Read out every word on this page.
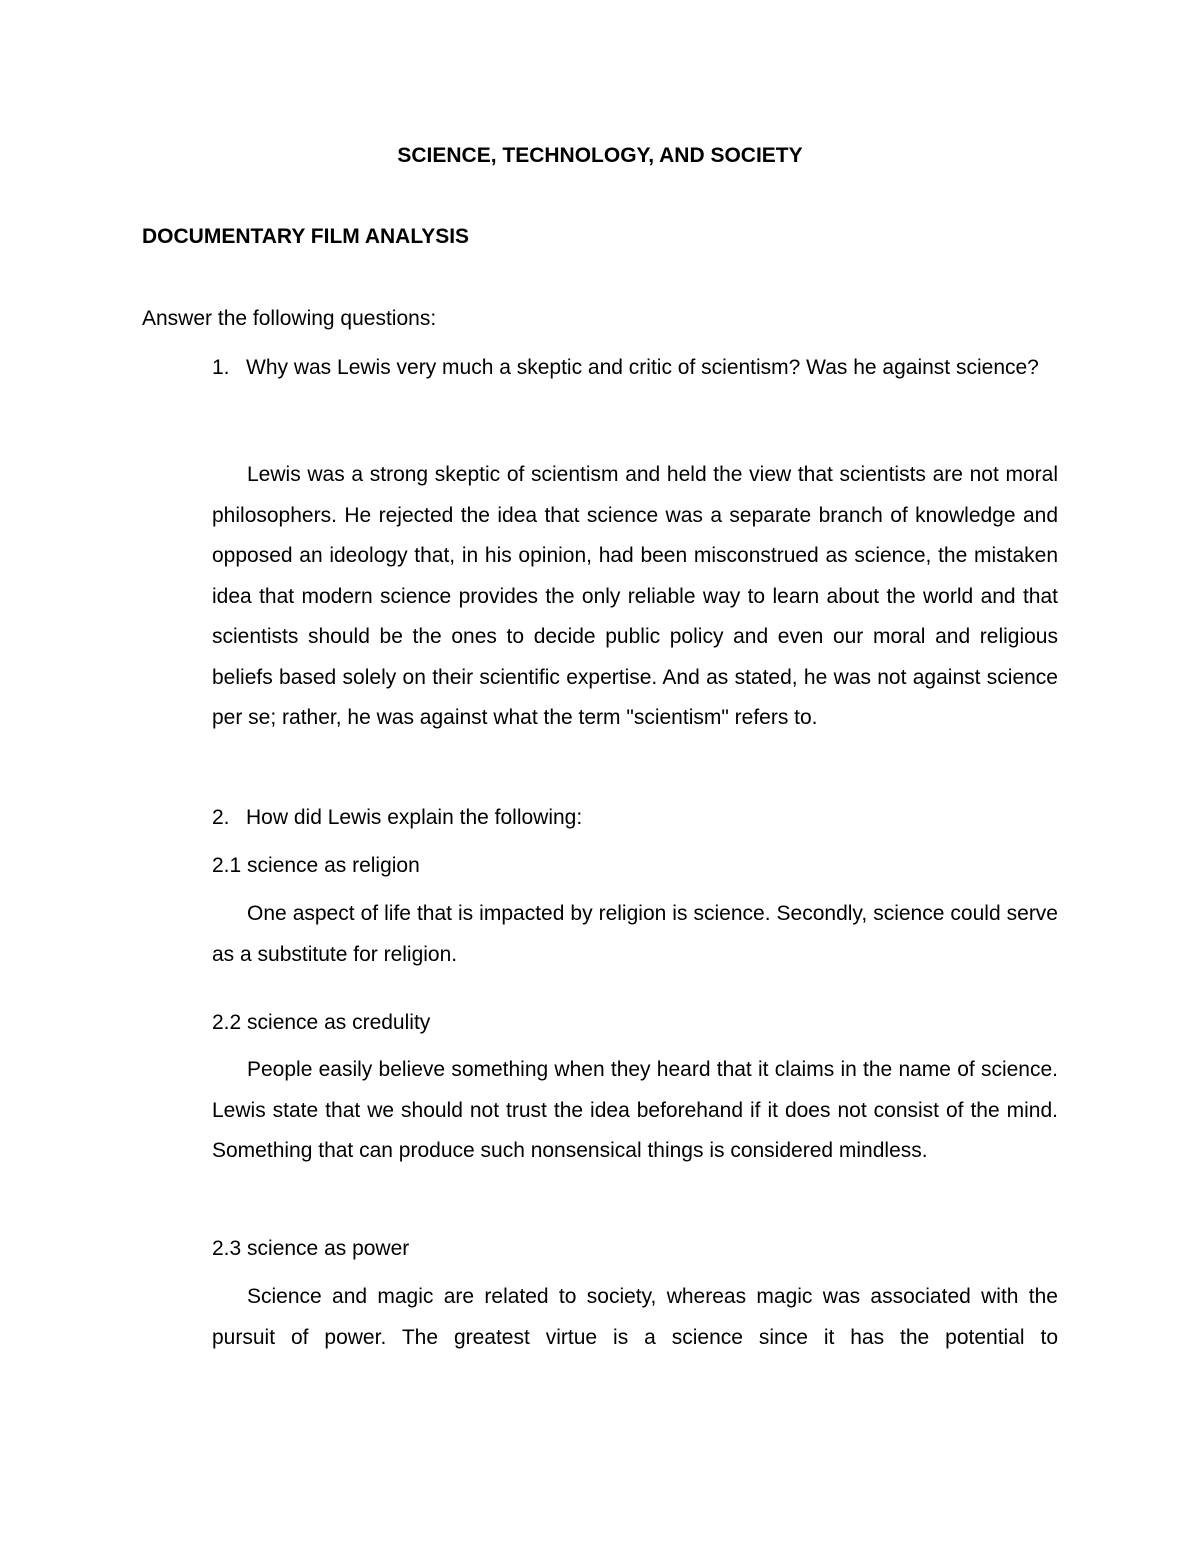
SCIENCE, TECHNOLOGY, AND SOCIETY
DOCUMENTARY FILM ANALYSIS
Answer the following questions:
1. Why was Lewis very much a skeptic and critic of scientism? Was he against science?

Lewis was a strong skeptic of scientism and held the view that scientists are not moral philosophers. He rejected the idea that science was a separate branch of knowledge and opposed an ideology that, in his opinion, had been misconstrued as science, the mistaken idea that modern science provides the only reliable way to learn about the world and that scientists should be the ones to decide public policy and even our moral and religious beliefs based solely on their scientific expertise. And as stated, he was not against science per se; rather, he was against what the term "scientism" refers to.

2. How did Lewis explain the following:
2.1 science as religion

One aspect of life that is impacted by religion is science. Secondly, science could serve as a substitute for religion.

2.2 science as credulity

People easily believe something when they heard that it claims in the name of science. Lewis state that we should not trust the idea beforehand if it does not consist of the mind. Something that can produce such nonsensical things is considered mindless.

2.3 science as power

Science and magic are related to society, whereas magic was associated with the pursuit of power. The greatest virtue is a science since it has the potential to
